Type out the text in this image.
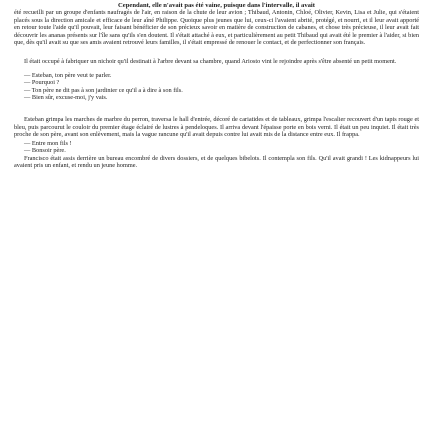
Cependant, elle n'avait pas été vaine, puisque dans l'intervalle, il avait

été recueilli par un groupe d'enfants naufragés de l'air, en raison de la chute de leur avion ; Thibaud, Antonin, Chloé, Olivier, Kevin, Lisa et Julie, qui s'étaient placés sous la direction amicale et efficace de leur aîné Philippe. Quoique plus jeunes que lui, ceux-ci l'avaient abrité, protégé, et nourri, et il leur avait apporté en retour toute l'aide qu'il pouvait, leur faisant bénéficier de son précieux savoir en matière de construction de cabanes, et chose très précieuse, il leur avait fait découvrir les ananas présents sur l'île sans qu'ils s'en doutent. Il s'était attaché à eux, et particulièrement au petit Thibaud qui avait été le premier à l'aider, si bien que, dès qu'il avait su que ses amis avaient retrouvé leurs familles, il s'était empressé de renouer le contact, et de perfectionner son français.

Il était occupé à fabriquer un nichoir qu'il destinait à l'arbre devant sa chambre, quand Ariosto vint le rejoindre après s'être absenté un petit moment.

— Esteban, ton père veut te parler.

— Pourquoi ?

— Ton père ne dit pas à son jardinier ce qu'il a à dire à son fils.

— Bien sûr, excuse-moi, j'y vais.

Esteban grimpa les marches de marbre du perron, traversa le hall d'entrée, décoré de cariatides et de tableaux, grimpa l'escalier recouvert d'un tapis rouge et bleu, puis parcourut le couloir du premier étage éclairé de lustres à pendeloques. Il arriva devant l'épaisse porte en bois verni. Il était un peu inquiet. Il était très proche de son père, avant son enlèvement, mais la vague rancune qu'il avait depuis contre lui avait mis de la distance entre eux. Il frappa.

— Entre mon fils !

— Bonsoir père.

Francisco était assis derrière un bureau encombré de divers dossiers, et de quelques bibelots. Il contempla son fils. Qu'il avait grandi ! Les kidnappeurs lui avaient pris un enfant, et rendu un jeune homme.
